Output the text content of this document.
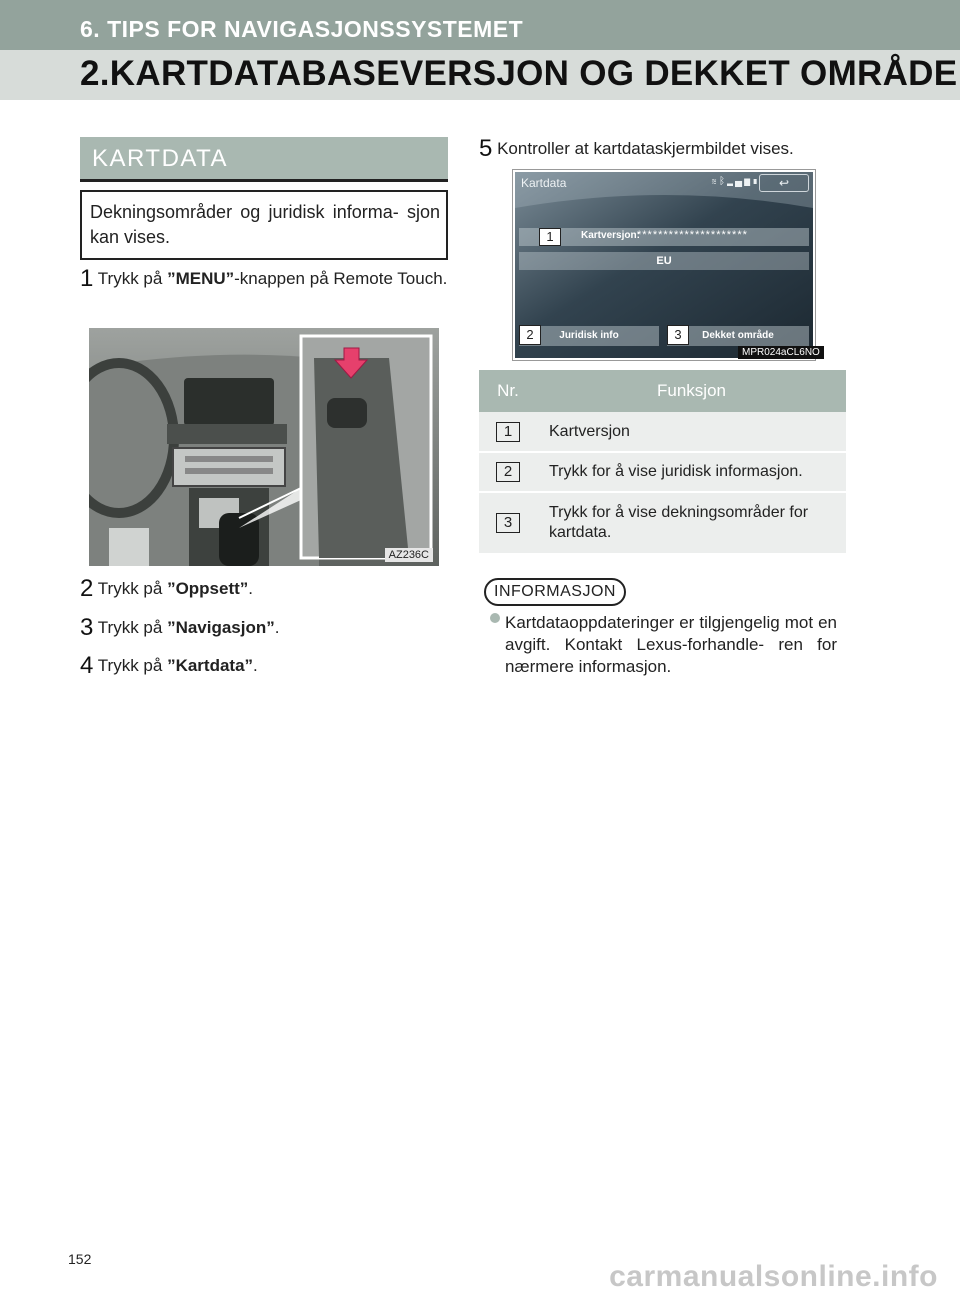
6. TIPS FOR NAVIGASJONSSYSTEMET
2.KARTDATABASEVERSJON OG DEKKET OMRÅDE
KARTDATA
Dekningsområder og juridisk informa- sjon kan vises.
1 Trykk på ”MENU”-knappen på Remote Touch.
AZ236C
2 Trykk på ”Oppsett”.
3 Trykk på ”Navigasjon”.
4 Trykk på ”Kartdata”.
5 Kontroller at kartdataskjermbildet vises.
Kartdata	≋ᛒ▂▄▆▮	↩
Kartversjon:
*********************
1
EU
Juridisk info	Dekket område
2	3
MPR024aCL6NO
Nr.	Funksjon
1	Kartversjon
2	Trykk for å vise juridisk informasjon.
3	Trykk for å vise dekningsområder for kartdata.
INFORMASJON
Kartdataoppdateringer er tilgjengelig mot en avgift. Kontakt Lexus-forhandle- ren for nærmere informasjon.
152
carmanualsonline.info
